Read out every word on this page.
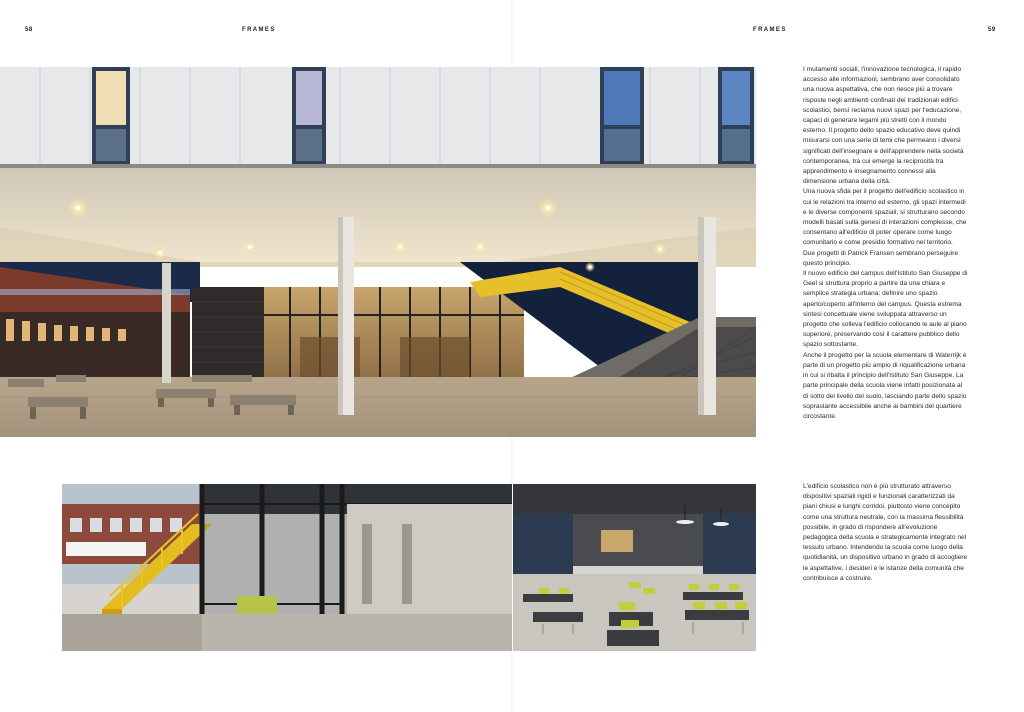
58	FRAMES	FRAMES	59

I mutamenti sociali, l'innovazione tecnologica, il rapido accesso alle informazioni, sembrano aver consolidato una nuova aspettativa, che non riesce più a trovare risposte negli ambienti confinati dei tradizionali edifici scolastici, bensì reclama nuovi spazi per l'educazione, capaci di generare legami più stretti con il mondo esterno. Il progetto dello spazio educativo deve quindi misurarsi con una serie di temi che permeano i diversi significati dell'insegnare e dell'apprendere nella società contemporanea, tra cui emerge la reciprocità tra apprendimento e insegnamento connessi alla dimensione urbana della città.

Una nuova sfida per il progetto dell'edificio scolastico in cui le relazioni tra interno ed esterno, gli spazi intermedi e le diverse componenti spaziali, si strutturano secondo modelli basati sulla genesi di interazioni complesse, che consentano all'edificio di poter operare come luogo comunitario e come presidio formativo nel territorio.

Due progetti di Patrick Fransen sembrano perseguire questo principio.

Il nuovo edificio del campus dell'Istituto San Giuseppe di Geel si struttura proprio a partire da una chiara e semplice strategia urbana: definire uno spazio aperto/coperto all'interno del campus. Questa estrema sintesi concettuale viene sviluppata attraverso un progetto che solleva l'edificio collocando le aule al piano superiore, preservando così il carattere pubblico dello spazio sottostante.

Anche il progetto per la scuola elementare di Waterrijk è parte di un progetto più ampio di riqualificazione urbana in cui si ribalta il principio dell'Istituto San Giuseppe. La parte principale della scuola viene infatti posizionata al di sotto del livello del suolo, lasciando parte dello spazio soprastante accessibile anche ai bambini del quartiere circostante.

L'edificio scolastico non è più strutturato attraverso dispositivi spaziali rigidi e funzionali caratterizzati da piani chiusi e lunghi corridoi, piuttosto viene concepito come una struttura neutrale, con la massima flessibilità possibile, in grado di rispondere all'evoluzione pedagogica della scuola e strategicamente integrato nel tessuto urbano. Intendendo la scuola come luogo della quotidianità, un dispositivo urbano in grado di accogliere le aspettative, i desideri e le istanze della comunità che contribuisce a costruire.
